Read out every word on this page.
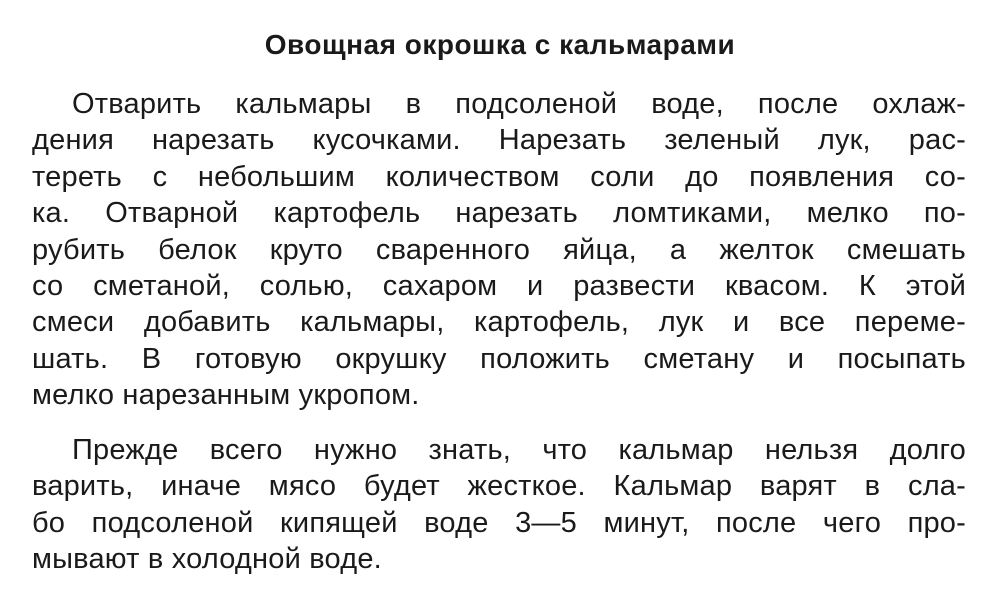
Овощная окрошка с кальмарами

Отварить кальмары в подсоленой воде, после охлаж-
дения нарезать кусочками. Нарезать зеленый лук, рас-
тереть с небольшим количеством соли до появления со-
ка. Отварной картофель нарезать ломтиками, мелко по-
рубить белок круто сваренного яйца, а желток смешать
со сметаной, солью, сахаром и развести квасом. К этой
смеси добавить кальмары, картофель, лук и все переме-
шать. В готовую окрушку положить сметану и посыпать
мелко нарезанным укропом.

Прежде всего нужно знать, что кальмар нельзя долго
варить, иначе мясо будет жесткое. Кальмар варят в сла-
бо подсоленой кипящей воде 3—5 минут, после чего про-
мывают в холодной воде.
